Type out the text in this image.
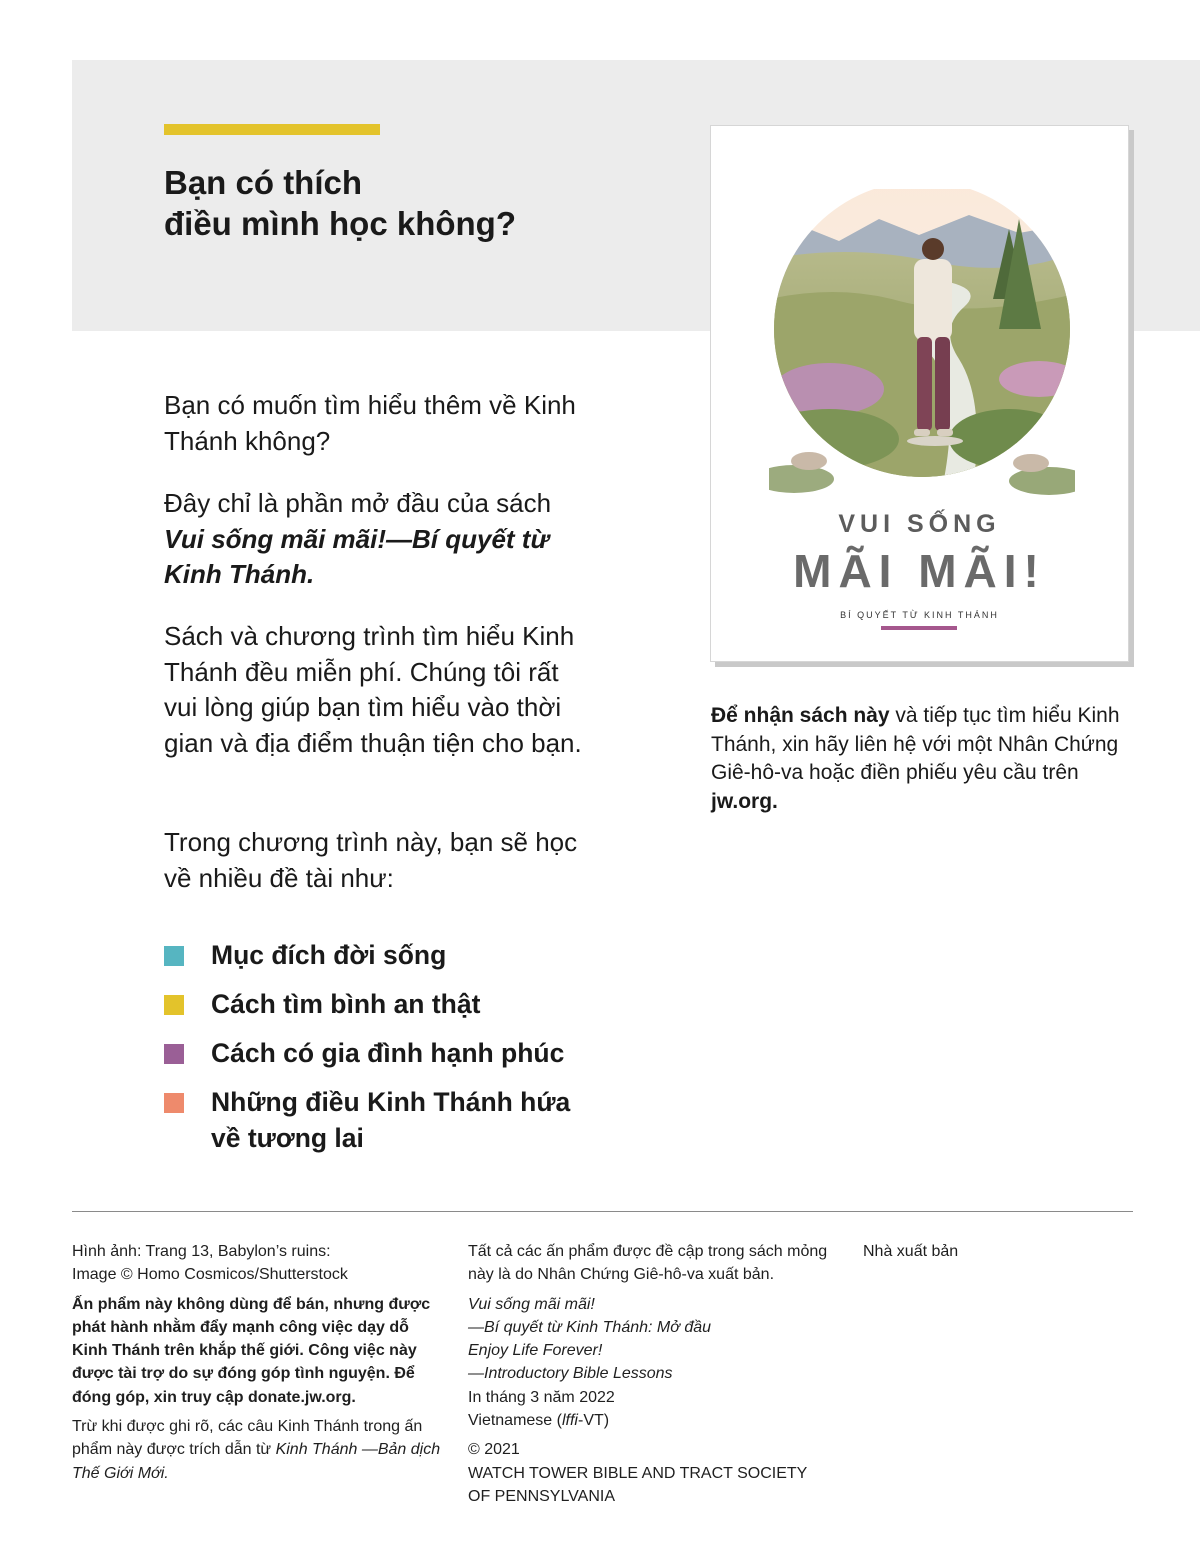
Bạn có thích
điều mình học không?

Bạn có muốn tìm hiểu thêm về Kinh Thánh không?

Đây chỉ là phần mở đầu của sách Vui sống mãi mãi!—Bí quyết từ Kinh Thánh.

Sách và chương trình tìm hiểu Kinh Thánh đều miễn phí. Chúng tôi rất vui lòng giúp bạn tìm hiểu vào thời gian và địa điểm thuận tiện cho bạn.

Trong chương trình này, bạn sẽ học về nhiều đề tài như:

Mục đích đời sống
Cách tìm bình an thật
Cách có gia đình hạnh phúc
Những điều Kinh Thánh hứa về tương lai
VUI SỐNG
MÃI MÃI!
BÍ QUYẾT TỪ KINH THÁNH

Để nhận sách này và tiếp tục tìm hiểu Kinh Thánh, xin hãy liên hệ với một Nhân Chứng Giê-hô-va hoặc điền phiếu yêu cầu trên jw.org.

Hình ảnh: Trang 13, Babylon’s ruins:

Image © Homo Cosmicos/Shutterstock

Ấn phẩm này không dùng để bán, nhưng được phát hành nhằm đẩy mạnh công việc dạy dỗ Kinh Thánh trên khắp thế giới. Công việc này được tài trợ do sự đóng góp tình nguyện. Để đóng góp, xin truy cập donate.jw.org.

Trừ khi được ghi rõ, các câu Kinh Thánh trong ấn phẩm này được trích dẫn từ Kinh Thánh —Bản dịch Thế Giới Mới.

Tất cả các ấn phẩm được đề cập trong sách mỏng này là do Nhân Chứng Giê-hô-va xuất bản.

Vui sống mãi mãi!
—Bí quyết từ Kinh Thánh: Mở đầu
Enjoy Life Forever!
—Introductory Bible Lessons
In tháng 3 năm 2022

Vietnamese (lffi-VT)

© 2021
WATCH TOWER BIBLE AND TRACT SOCIETY
OF PENNSYLVANIA

Nhà xuất bản
